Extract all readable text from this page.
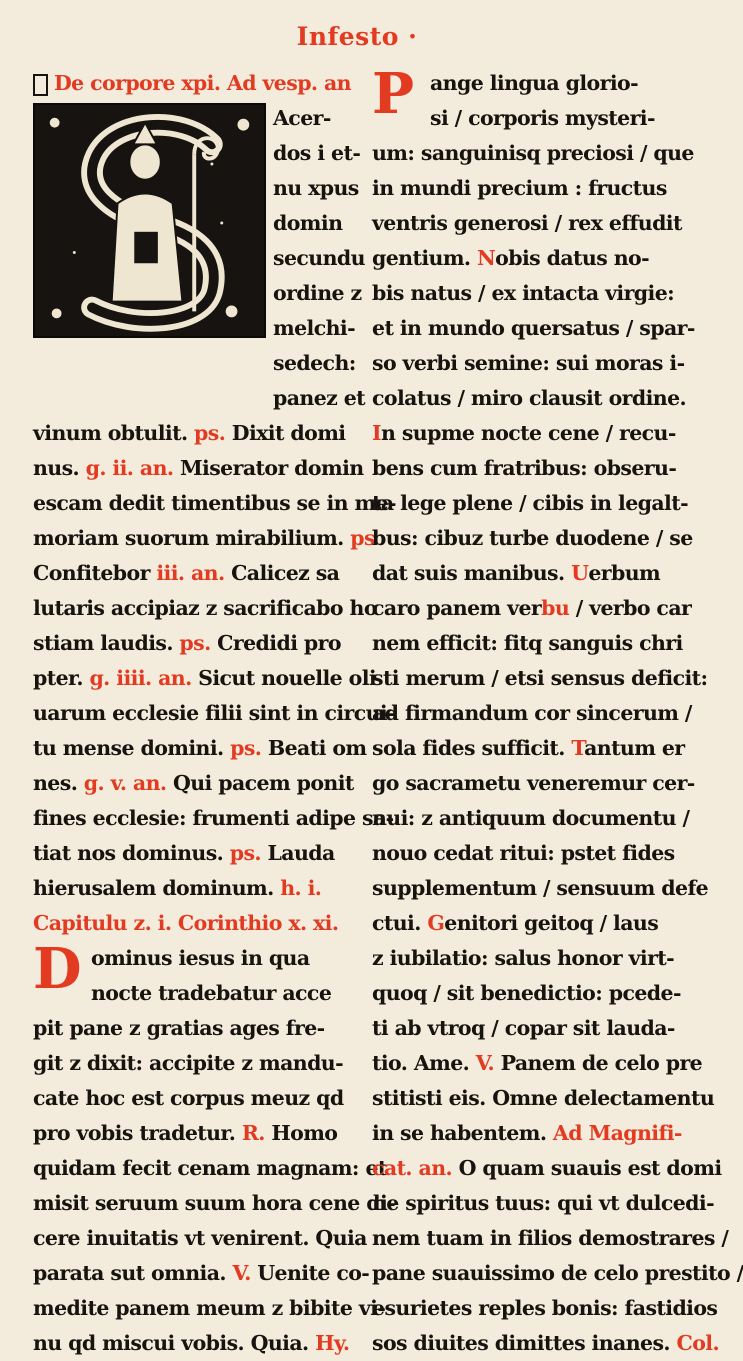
Infesto ·
De corpore xpi. Ad vesp. an
Acer-
dos i et-
nu xpus
domin
secundu
ordine z
melchi-
sedech:
panez et
vinum obtulit. ps. Dixit domi
nus. g. ii. an. Miserator domin
escam dedit timentibus se in me-
moriam suorum mirabilium. ps
Confitebor iii. an. Calicez sa
lutaris accipiaz z sacrificabo ho
stiam laudis. ps. Credidi pro
pter. g. iiii. an. Sicut nouelle oli
uarum ecclesie filii sint in circui-
tu mense domini. ps. Beati om
nes. g. v. an. Qui pacem ponit
fines ecclesie: frumenti adipe sa-
tiat nos dominus. ps. Lauda
hierusalem dominum. h. i.
Capitulu z. i. Corinthio x. xi.
D ominus iesus in qua
nocte tradebatur acce
pit pane z gratias ages fre-
git z dixit: accipite z mandu-
cate hoc est corpus meuz qd
pro vobis tradetur. R. Homo
quidam fecit cenam magnam: et
misit seruum suum hora cene di-
cere inuitatis vt venirent. Quia
parata sut omnia. V. Uenite co-
medite panem meum z bibite vi-
nu qd miscui vobis. Quia. Hy.
P ange lingua glorio-
si / corporis mysteri-
um: sanguinisq preciosi / que
in mundi precium : fructus
ventris generosi / rex effudit
gentium. Nobis datus no-
bis natus / ex intacta virgie:
et in mundo quersatus / spar-
so verbi semine: sui moras i-
colatus / miro clausit ordine.
In supme nocte cene / recu-
bens cum fratribus: obseru-
ta lege plene / cibis in legalt-
bus: cibuz turbe duodene / se
dat suis manibus. Uerbum
caro panem verbu / verbo car
nem efficit: fitq sanguis chri
sti merum / etsi sensus deficit:
ad firmandum cor sincerum /
sola fides sufficit. Tantum er
go sacrametu veneremur cer-
nui: z antiquum documentu /
nouo cedat ritui: pstet fides
supplementum / sensuum defe
ctui. Genitori geitoq / laus
z iubilatio: salus honor virt-
quoq / sit benedictio: pcede-
ti ab vtroq / copar sit lauda-
tio. Ame. V. Panem de celo pre
stitisti eis. Omne delectamentu
in se habentem. Ad Magnifi-
cat. an. O quam suauis est domi
ne spiritus tuus: qui vt dulcedi-
nem tuam in filios demostrares /
pane suauissimo de celo prestito /
esurietes reples bonis: fastidios
sos diuites dimittes inanes. Col.
